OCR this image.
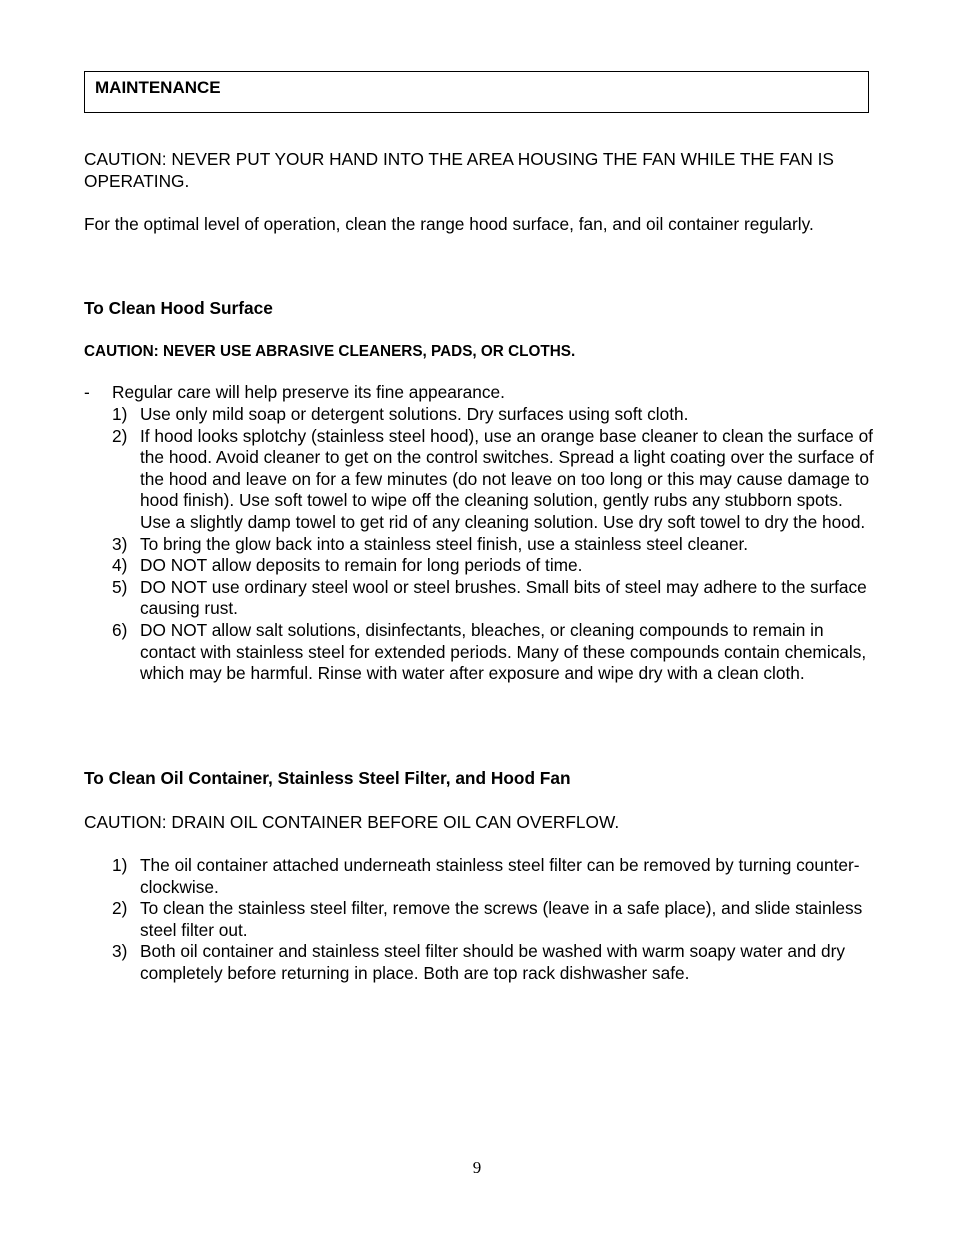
MAINTENANCE
CAUTION: NEVER PUT YOUR HAND INTO THE AREA HOUSING THE FAN WHILE THE FAN IS OPERATING.
For the optimal level of operation, clean the range hood surface, fan, and oil container regularly.
To Clean Hood Surface
CAUTION: NEVER USE ABRASIVE CLEANERS, PADS, OR CLOTHS.
- Regular care will help preserve its fine appearance.
1) Use only mild soap or detergent solutions. Dry surfaces using soft cloth.
2) If hood looks splotchy (stainless steel hood), use an orange base cleaner to clean the surface of the hood. Avoid cleaner to get on the control switches. Spread a light coating over the surface of the hood and leave on for a few minutes (do not leave on too long or this may cause damage to hood finish). Use soft towel to wipe off the cleaning solution, gently rubs any stubborn spots. Use a slightly damp towel to get rid of any cleaning solution. Use dry soft towel to dry the hood.
3) To bring the glow back into a stainless steel finish, use a stainless steel cleaner.
4) DO NOT allow deposits to remain for long periods of time.
5) DO NOT use ordinary steel wool or steel brushes. Small bits of steel may adhere to the surface causing rust.
6) DO NOT allow salt solutions, disinfectants, bleaches, or cleaning compounds to remain in contact with stainless steel for extended periods. Many of these compounds contain chemicals, which may be harmful. Rinse with water after exposure and wipe dry with a clean cloth.
To Clean Oil Container, Stainless Steel Filter, and Hood Fan
CAUTION: DRAIN OIL CONTAINER BEFORE OIL CAN OVERFLOW.
1) The oil container attached underneath stainless steel filter can be removed by turning counter-clockwise.
2) To clean the stainless steel filter, remove the screws (leave in a safe place), and slide stainless steel filter out.
3) Both oil container and stainless steel filter should be washed with warm soapy water and dry completely before returning in place. Both are top rack dishwasher safe.
9
